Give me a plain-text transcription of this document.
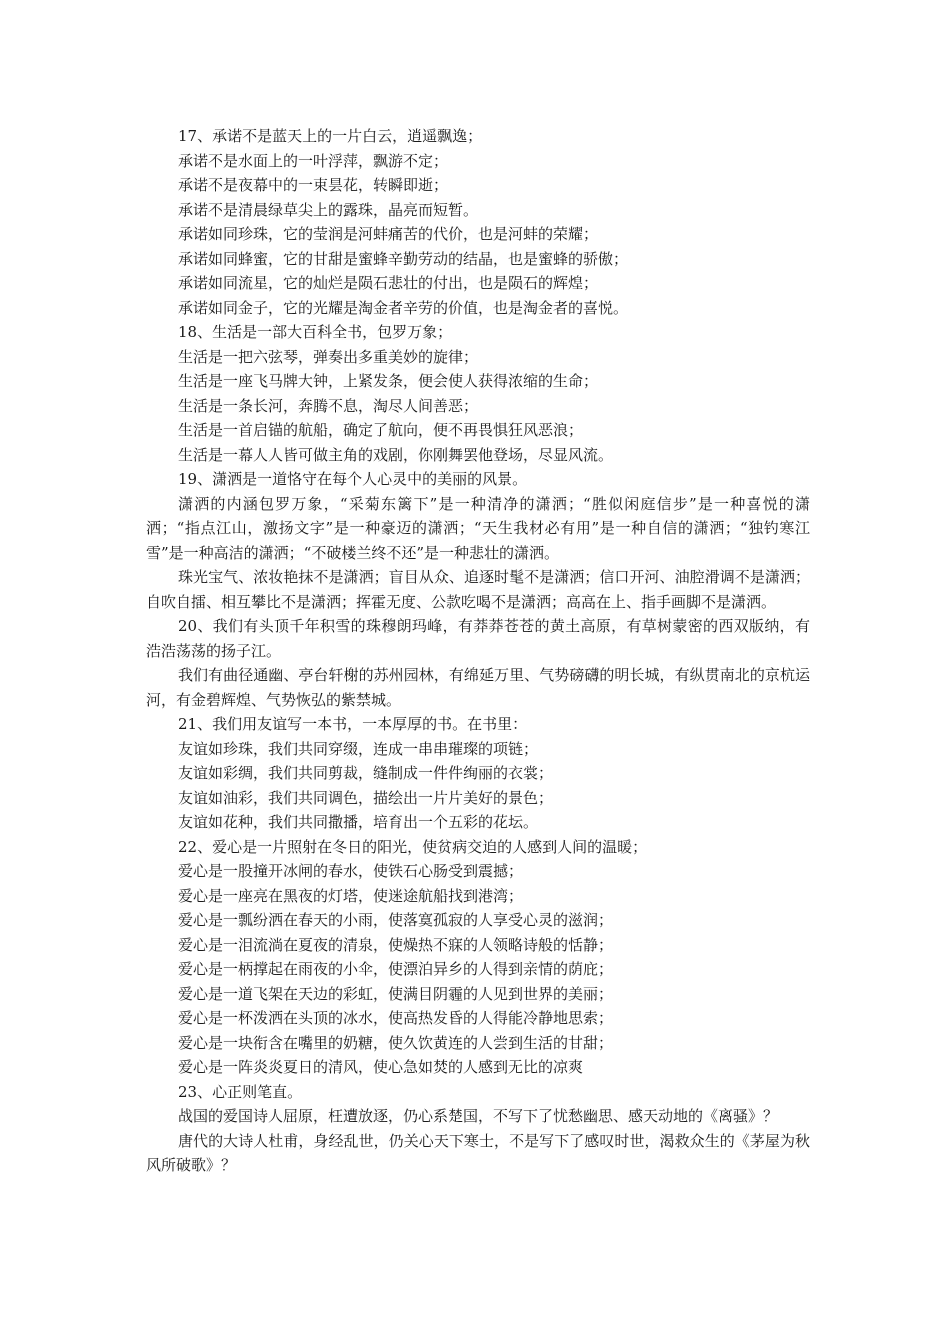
17、承诺不是蓝天上的一片白云，逍遥飘逸；

承诺不是水面上的一叶浮萍，飘游不定；

承诺不是夜幕中的一束昙花，转瞬即逝；

承诺不是清晨绿草尖上的露珠，晶亮而短暂。

承诺如同珍珠，它的莹润是河蚌痛苦的代价，也是河蚌的荣耀；

承诺如同蜂蜜，它的甘甜是蜜蜂辛勤劳动的结晶，也是蜜蜂的骄傲；

承诺如同流星，它的灿烂是陨石悲壮的付出，也是陨石的辉煌；

承诺如同金子，它的光耀是淘金者辛劳的价值，也是淘金者的喜悦。

18、生活是一部大百科全书，包罗万象；

生活是一把六弦琴，弹奏出多重美妙的旋律；

生活是一座飞马牌大钟，上紧发条，便会使人获得浓缩的生命；

生活是一条长河，奔腾不息，淘尽人间善恶；

生活是一首启锚的航船，确定了航向，便不再畏惧狂风恶浪；

生活是一幕人人皆可做主角的戏剧，你刚舞罢他登场，尽显风流。

19、潇洒是一道恪守在每个人心灵中的美丽的风景。

潇洒的内涵包罗万象，“采菊东篱下”是一种清净的潇洒；“胜似闲庭信步”是一种喜悦的潇洒；“指点江山，激扬文字”是一种豪迈的潇洒；“天生我材必有用”是一种自信的潇洒；“独钓寒江雪”是一种高洁的潇洒；“不破楼兰终不还”是一种悲壮的潇洒。

珠光宝气、浓妆艳抹不是潇洒；盲目从众、追逐时髦不是潇洒；信口开河、油腔滑调不是潇洒；自吹自擂、相互攀比不是潇洒；挥霍无度、公款吃喝不是潇洒；高高在上、指手画脚不是潇洒。

20、我们有头顶千年积雪的珠穆朗玛峰，有莽莽苍苍的黄土高原，有草树蒙密的西双版纳，有浩浩荡荡的扬子江。

我们有曲径通幽、亭台轩榭的苏州园林，有绵延万里、气势磅礴的明长城，有纵贯南北的京杭运河，有金碧辉煌、气势恢弘的紫禁城。

21、我们用友谊写一本书，一本厚厚的书。在书里：

友谊如珍珠，我们共同穿缀，连成一串串璀璨的项链；

友谊如彩绸，我们共同剪裁，缝制成一件件绚丽的衣裳；

友谊如油彩，我们共同调色，描绘出一片片美好的景色；

友谊如花种，我们共同撒播，培育出一个五彩的花坛。

22、爱心是一片照射在冬日的阳光，使贫病交迫的人感到人间的温暖；

爱心是一股撞开冰闸的春水，使铁石心肠受到震撼；

爱心是一座亮在黑夜的灯塔，使迷途航船找到港湾；

爱心是一瓢纷洒在春天的小雨，使落寞孤寂的人享受心灵的滋润；

爱心是一泪流淌在夏夜的清泉，使燥热不寐的人领略诗般的恬静；

爱心是一柄撑起在雨夜的小伞，使漂泊异乡的人得到亲情的荫庇；

爱心是一道飞架在天边的彩虹，使满目阴霾的人见到世界的美丽；

爱心是一杯泼洒在头顶的冰水，使高热发昏的人得能冷静地思索；

爱心是一块衔含在嘴里的奶糖，使久饮黄连的人尝到生活的甘甜；

爱心是一阵炎炎夏日的清风，使心急如焚的人感到无比的凉爽

23、心正则笔直。

战国的爱国诗人屈原，枉遭放逐，仍心系楚国，不写下了忧愁幽思、感天动地的《离骚》？

唐代的大诗人杜甫，身经乱世，仍关心天下寒士，不是写下了感叹时世，渴救众生的《茅屋为秋风所破歌》？
